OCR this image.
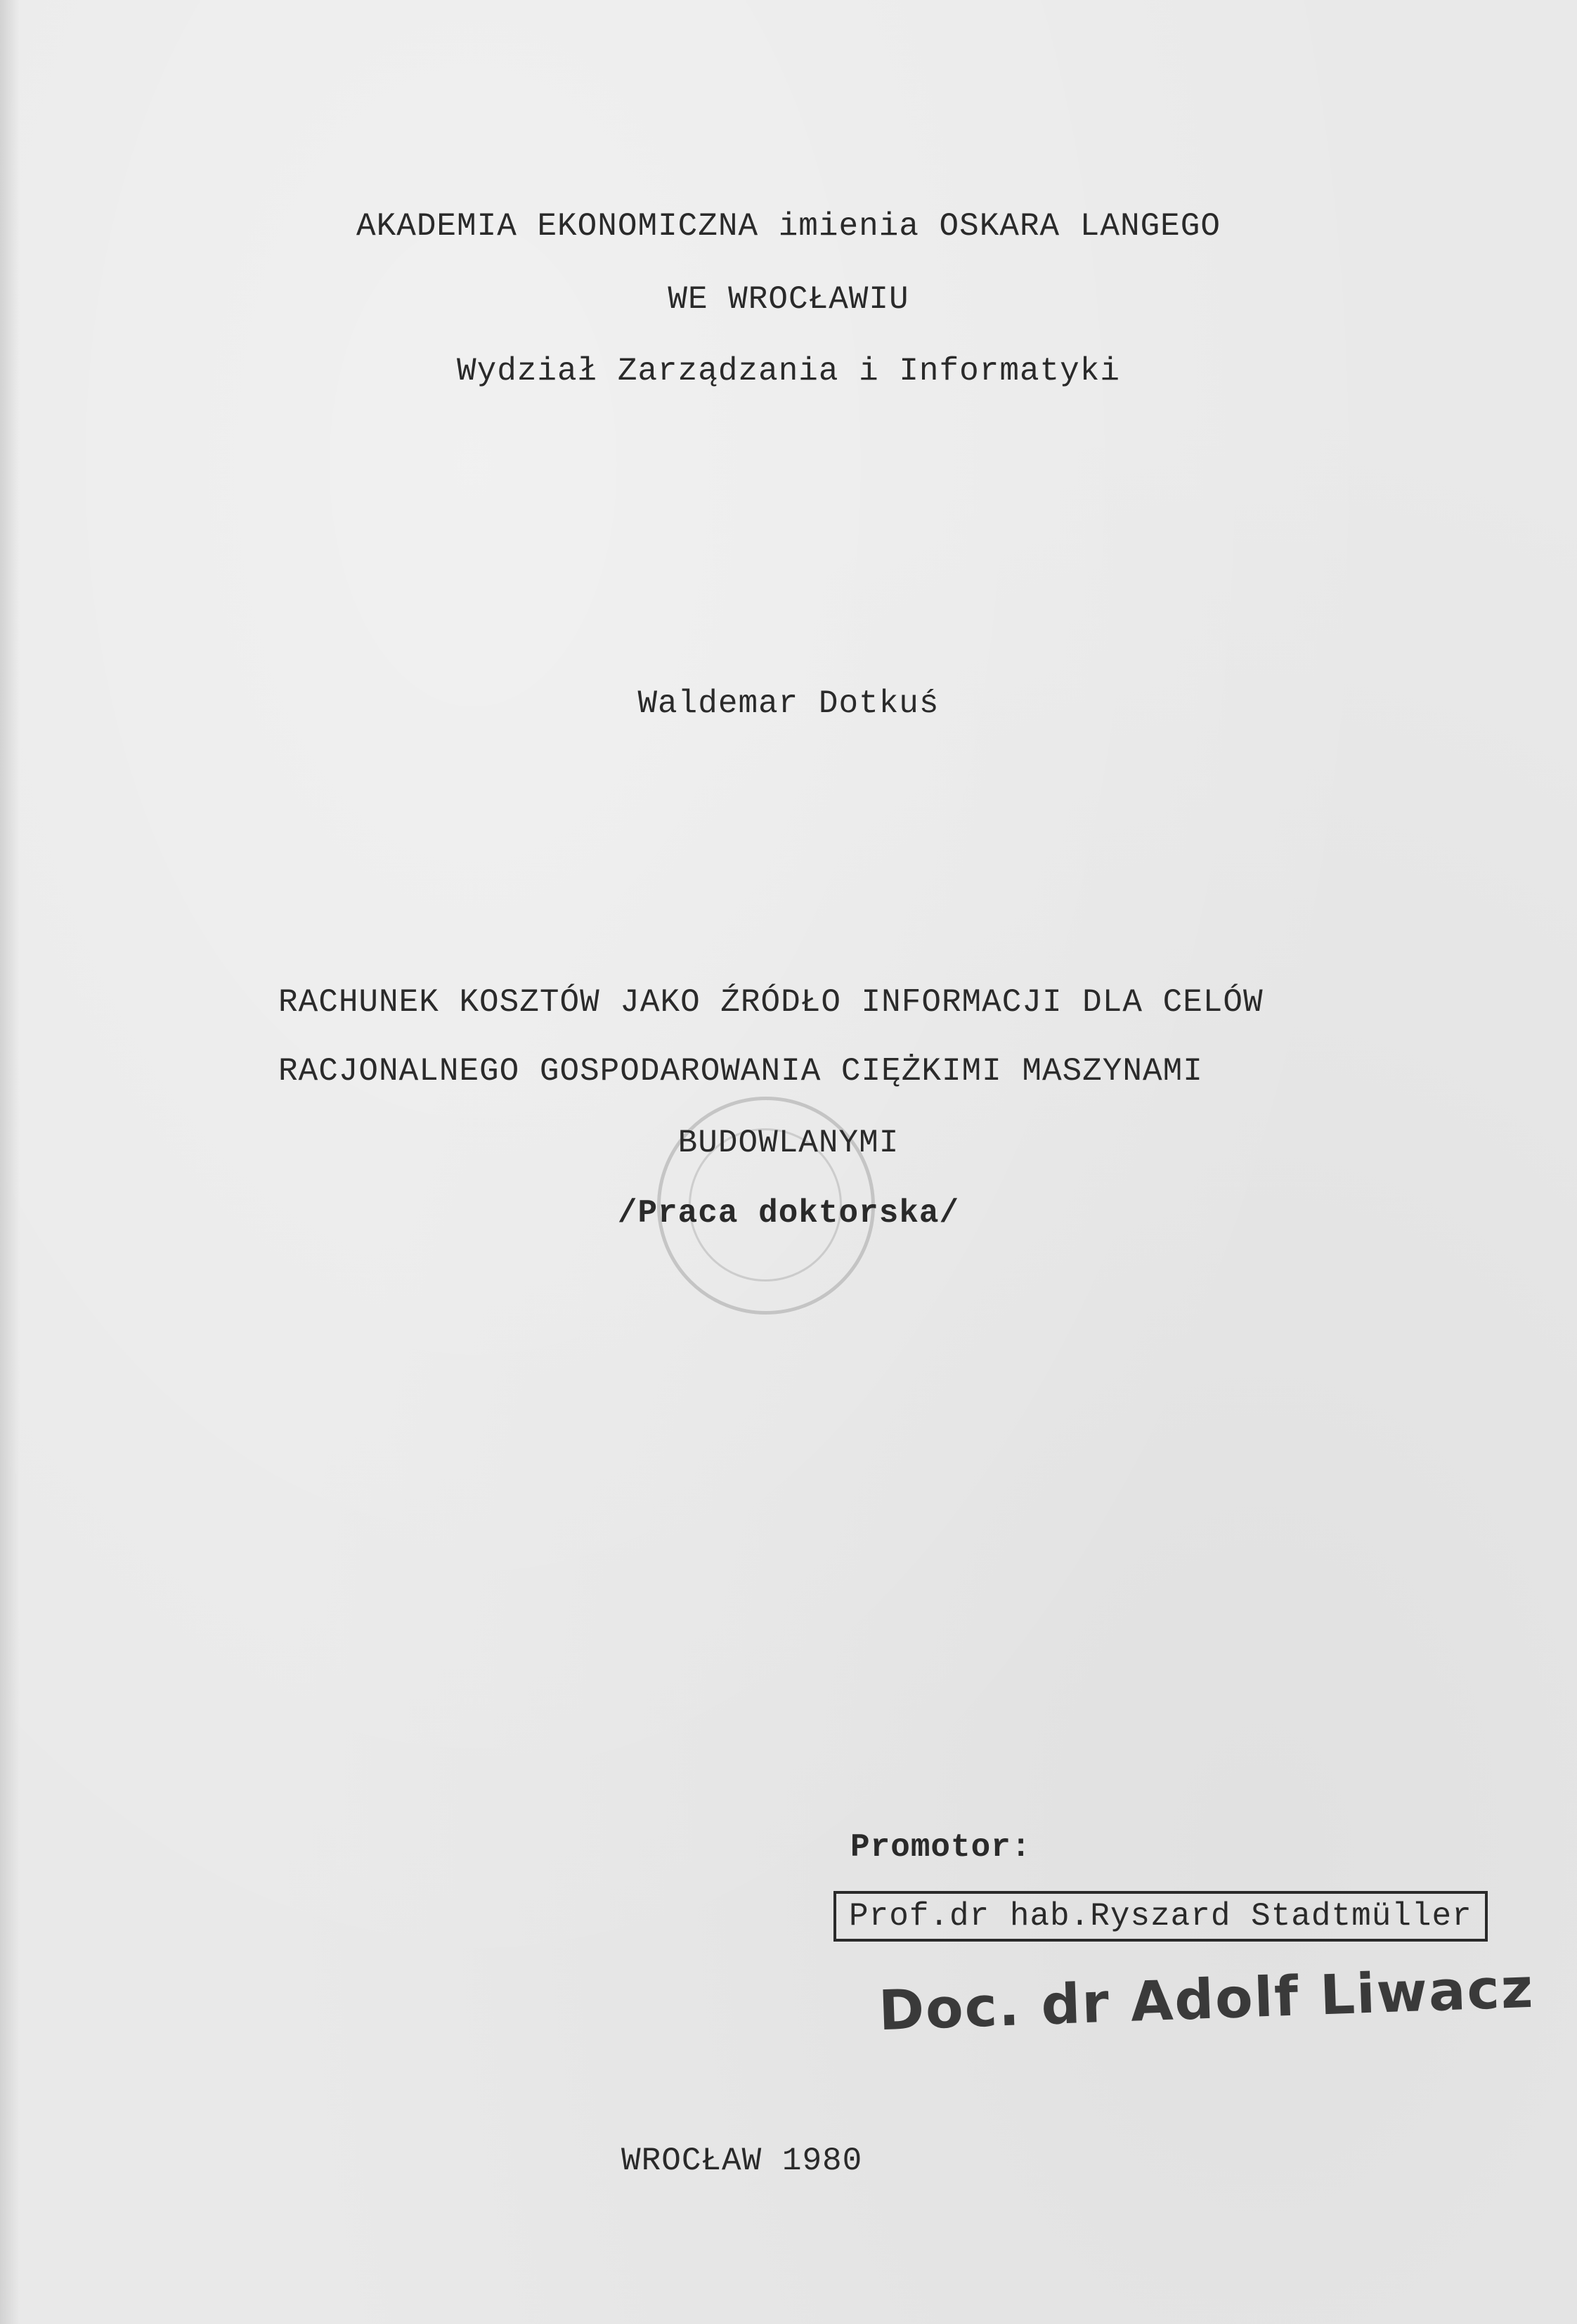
AKADEMIA EKONOMICZNA imienia OSKARA LANGEGO
WE WROCŁAWIU
Wydział Zarządzania i Informatyki
Waldemar Dotkuś
RACHUNEK KOSZTÓW JAKO ŹRÓDŁO INFORMACJI DLA CELÓW
RACJONALNEGO GOSPODAROWANIA CIĘŻKIMI MASZYNAMI
BUDOWLANYMI
/Praca doktorska/
Promotor:
Prof.dr hab.Ryszard Stadtmüller
Doc. dr Adolf Liwacz
WROCŁAW 1980
